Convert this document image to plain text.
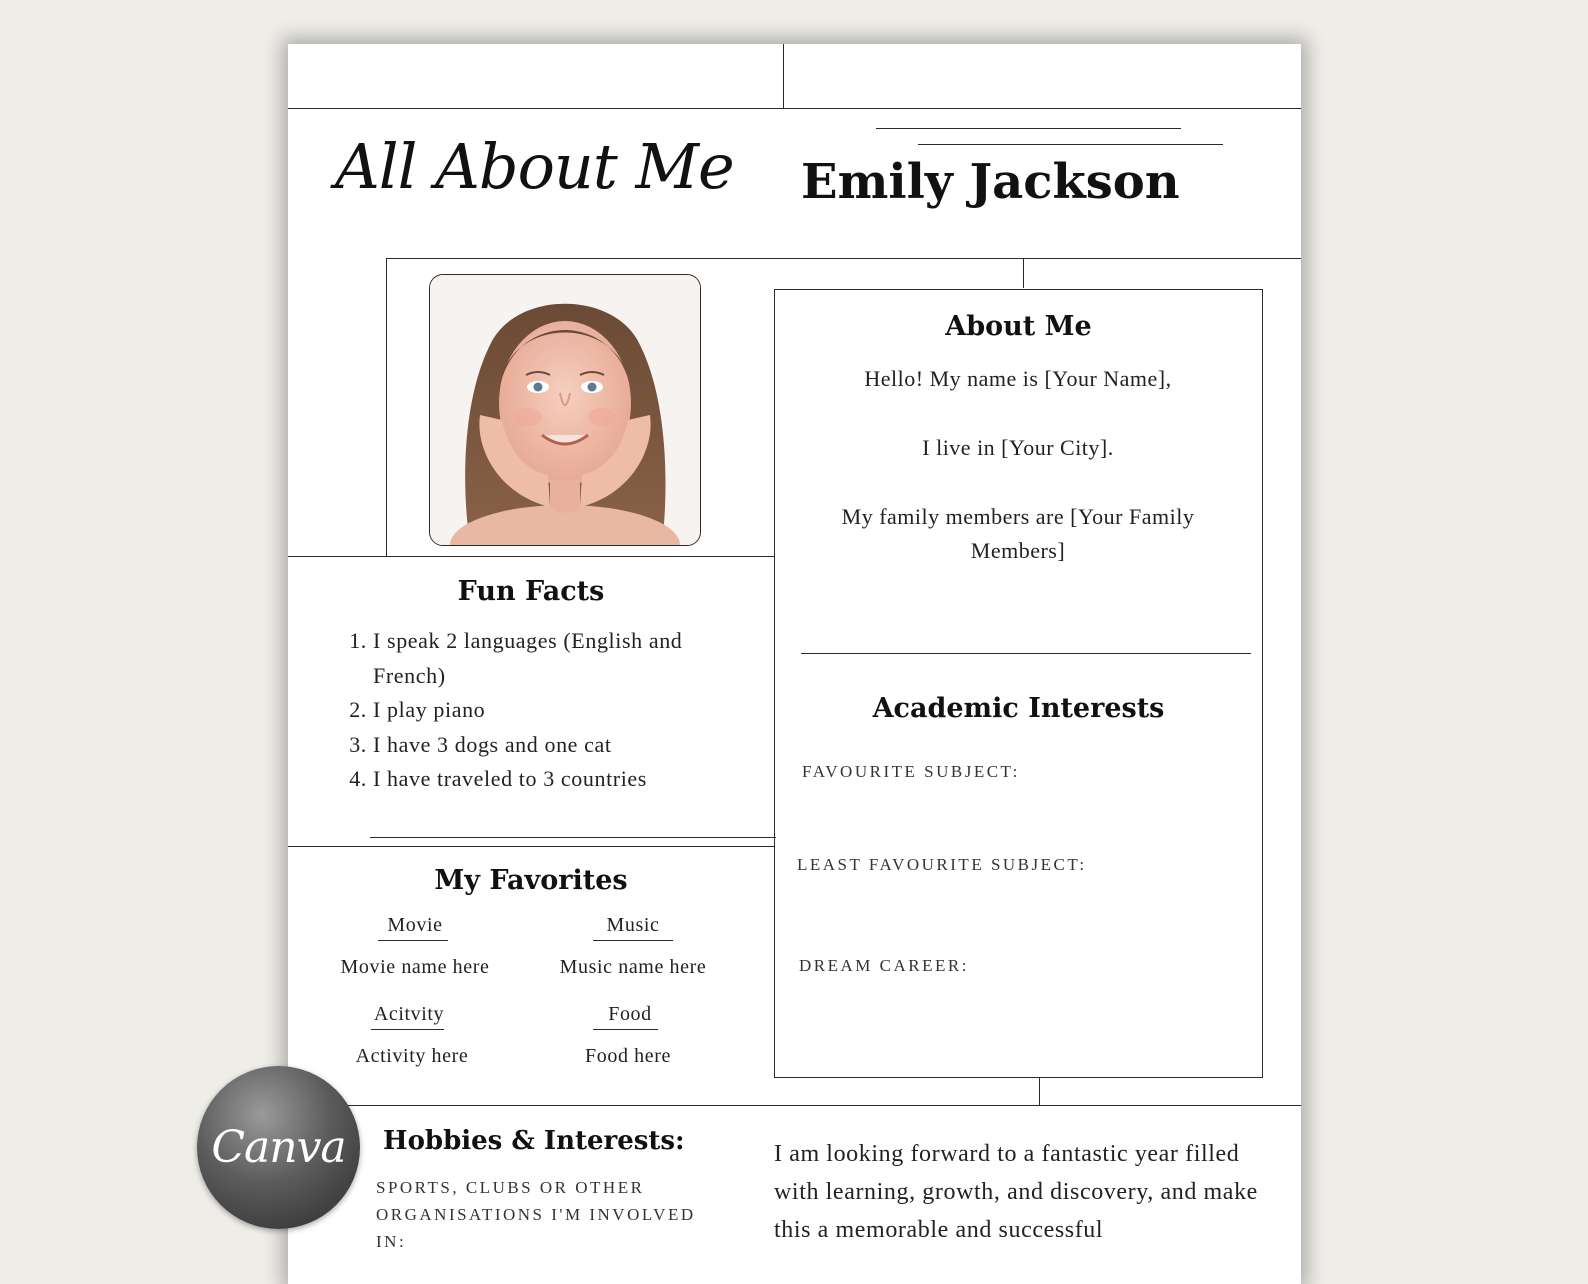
All About Me	Emily Jackson
Fun Facts
1. I speak 2 languages (English and French)
2. I play piano
3. I have 3 dogs and one cat
4. I have traveled to 3 countries
My Favorites
Movie
Movie name here
Music
Music name here
Acitvity
Activity here
Food
Food here
About Me
Hello! My name is [Your Name],
I live in [Your City].
My family members are [Your Family Members]
Academic Interests
FAVOURITE SUBJECT:
LEAST FAVOURITE SUBJECT:
DREAM CAREER:
Hobbies & Interests:
SPORTS, CLUBS OR OTHER ORGANISATIONS I'M INVOLVED IN:
I am looking forward to a fantastic year filled with learning, growth, and discovery, and make this a memorable and successful
Canva
